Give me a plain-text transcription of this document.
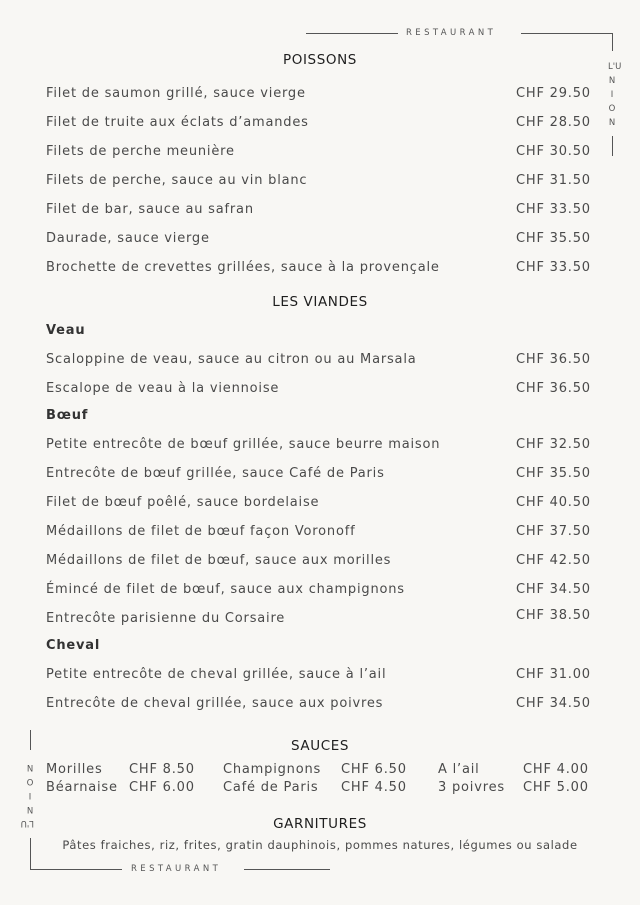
RESTAURANT
RESTAURANT
L'UNION
L'UNION
POISSONS
Filet de saumon grillé, sauce vierge	CHF 29.50
Filet de truite aux éclats d’amandes	CHF 28.50
Filets de perche meunière	CHF 30.50
Filets de perche, sauce au vin blanc	CHF 31.50
Filet de bar, sauce au safran	CHF 33.50
Daurade, sauce vierge	CHF 35.50
Brochette de crevettes grillées, sauce à la provençale	CHF 33.50
LES VIANDES
Veau
Scaloppine de veau, sauce au citron ou au Marsala	CHF 36.50
Escalope de veau à la viennoise	CHF 36.50
Bœuf
Petite entrecôte de bœuf grillée, sauce beurre maison	CHF 32.50
Entrecôte de bœuf grillée, sauce Café de Paris	CHF 35.50
Filet de bœuf poêlé, sauce bordelaise	CHF 40.50
Médaillons de filet de bœuf façon Voronoff	CHF 37.50
Médaillons de filet de bœuf, sauce aux morilles	CHF 42.50
Émincé de filet de bœuf, sauce aux champignons	CHF 34.50
Entrecôte parisienne du Corsaire	CHF 38.50
Cheval
Petite entrecôte de cheval grillée, sauce à l’ail	CHF 31.00
Entrecôte de cheval grillée, sauce aux poivres	CHF 34.50
SAUCES
Morilles CHF 8.50 Champignons CHF 6.50 A l’ail	CHF 4.00
Béarnaise CHF 6.00 Café de Paris CHF 4.50 3 poivres CHF 5.00
GARNITURES
Pâtes fraiches, riz, frites, gratin dauphinois, pommes natures, légumes ou salade
